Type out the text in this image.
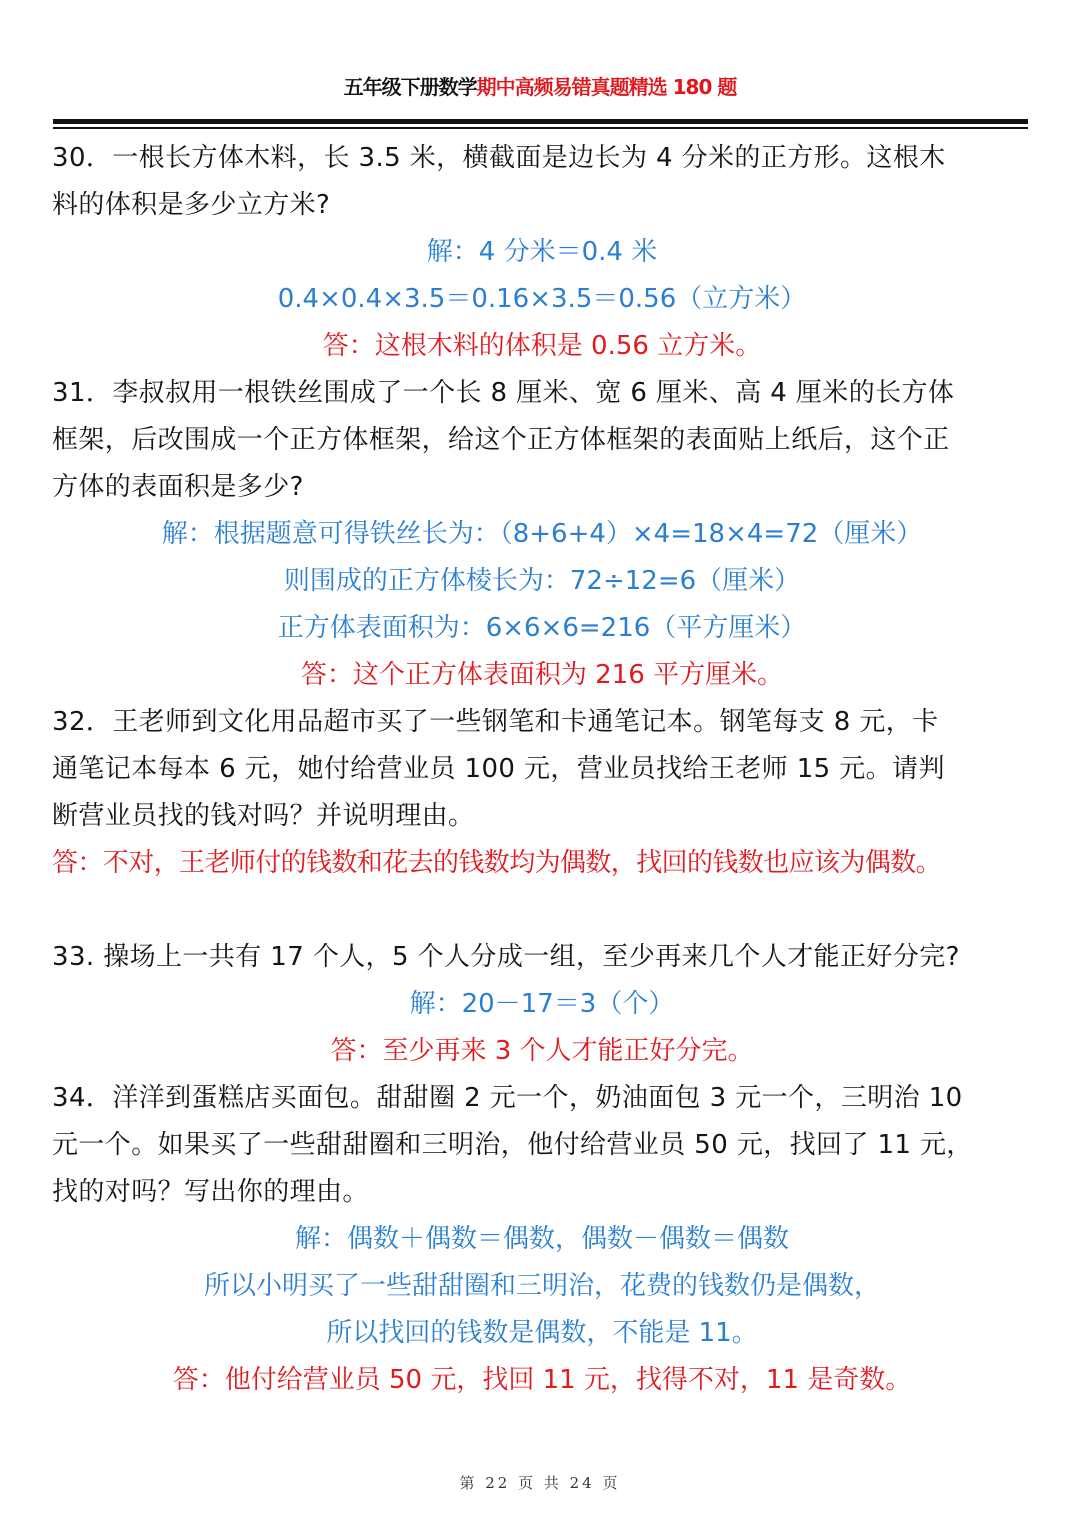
五年级下册数学期中高频易错真题精选 180 题
30．一根长方体木料，长 3.5 米，横截面是边长为 4 分米的正方形。这根木
料的体积是多少立方米?
解：4 分米＝0.4 米
0.4×0.4×3.5＝0.16×3.5＝0.56（立方米）
答：这根木料的体积是 0.56 立方米。
31．李叔叔用一根铁丝围成了一个长 8 厘米、宽 6 厘米、高 4 厘米的长方体
框架，后改围成一个正方体框架，给这个正方体框架的表面贴上纸后，这个正
方体的表面积是多少?
解：根据题意可得铁丝长为：（8+6+4）×4=18×4=72（厘米）
则围成的正方体棱长为：72÷12=6（厘米）
正方体表面积为：6×6×6=216（平方厘米）
答：这个正方体表面积为 216 平方厘米。
32．王老师到文化用品超市买了一些钢笔和卡通笔记本。钢笔每支 8 元，卡
通笔记本每本 6 元，她付给营业员 100 元，营业员找给王老师 15 元。请判
断营业员找的钱对吗？并说明理由。
答：不对，王老师付的钱数和花去的钱数均为偶数，找回的钱数也应该为偶数。
33. 操场上一共有 17 个人，5 个人分成一组，至少再来几个人才能正好分完?
解：20－17＝3（个）
答：至少再来 3 个人才能正好分完。
34．洋洋到蛋糕店买面包。甜甜圈 2 元一个，奶油面包 3 元一个，三明治 10
元一个。如果买了一些甜甜圈和三明治，他付给营业员 50 元，找回了 11 元，
找的对吗？写出你的理由。
解：偶数＋偶数＝偶数，偶数－偶数＝偶数
所以小明买了一些甜甜圈和三明治，花费的钱数仍是偶数，
所以找回的钱数是偶数，不能是 11。
答：他付给营业员 50 元，找回 11 元，找得不对，11 是奇数。
第 22 页 共 24 页
